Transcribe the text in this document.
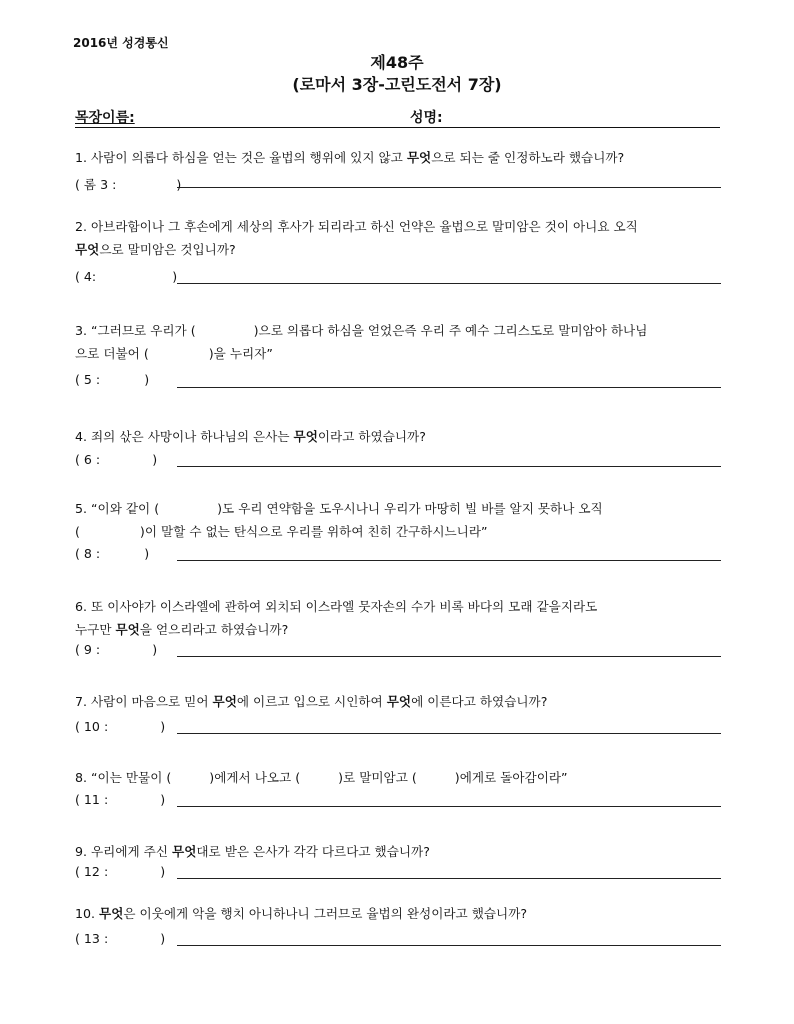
2016년 성경통신
제48주
(로마서 3장-고린도전서 7장)
목장이름:	성명:
1. 사람이 의롭다 하심을 얻는 것은 율법의 행위에 있지 않고 무엇으로 되는 줄 인정하노라 했습니까?
( 롬 3 :	)
2. 아브라함이나 그 후손에게 세상의 후사가 되리라고 하신 언약은 율법으로 말미암은 것이 아니요 오직
무엇으로 말미암은 것입니까?
( 4:	)
3. “그러므로 우리가 (	)으로 의롭다 하심을 얻었은즉 우리 주 예수 그리스도로 말미암아 하나님
으로 더불어 (	)을 누리자”
( 5 :	)
4. 죄의 삯은 사망이나 하나님의 은사는 무엇이라고 하였습니까?
( 6 :	)
5. “이와 같이 (	)도 우리 연약함을 도우시나니 우리가 마땅히 빌 바를 알지 못하나 오직
(	)이 말할 수 없는 탄식으로 우리를 위하여 친히 간구하시느니라”
( 8 :	)
6. 또 이사야가 이스라엘에 관하여 외치되 이스라엘 뭇자손의 수가 비록 바다의 모래 같을지라도
누구만 무엇을 얻으리라고 하였습니까?
( 9 :	)
7. 사람이 마음으로 믿어 무엇에 이르고 입으로 시인하여 무엇에 이른다고 하였습니까?
( 10 :	)
8. “이는 만물이 (	)에게서 나오고 (	)로 말미암고 (	)에게로 돌아감이라”
( 11 :	)
9. 우리에게 주신 무엇대로 받은 은사가 각각 다르다고 했습니까?
( 12 :	)
10. 무엇은 이웃에게 악을 행치 아니하나니 그러므로 율법의 완성이라고 했습니까?
( 13 :	)
